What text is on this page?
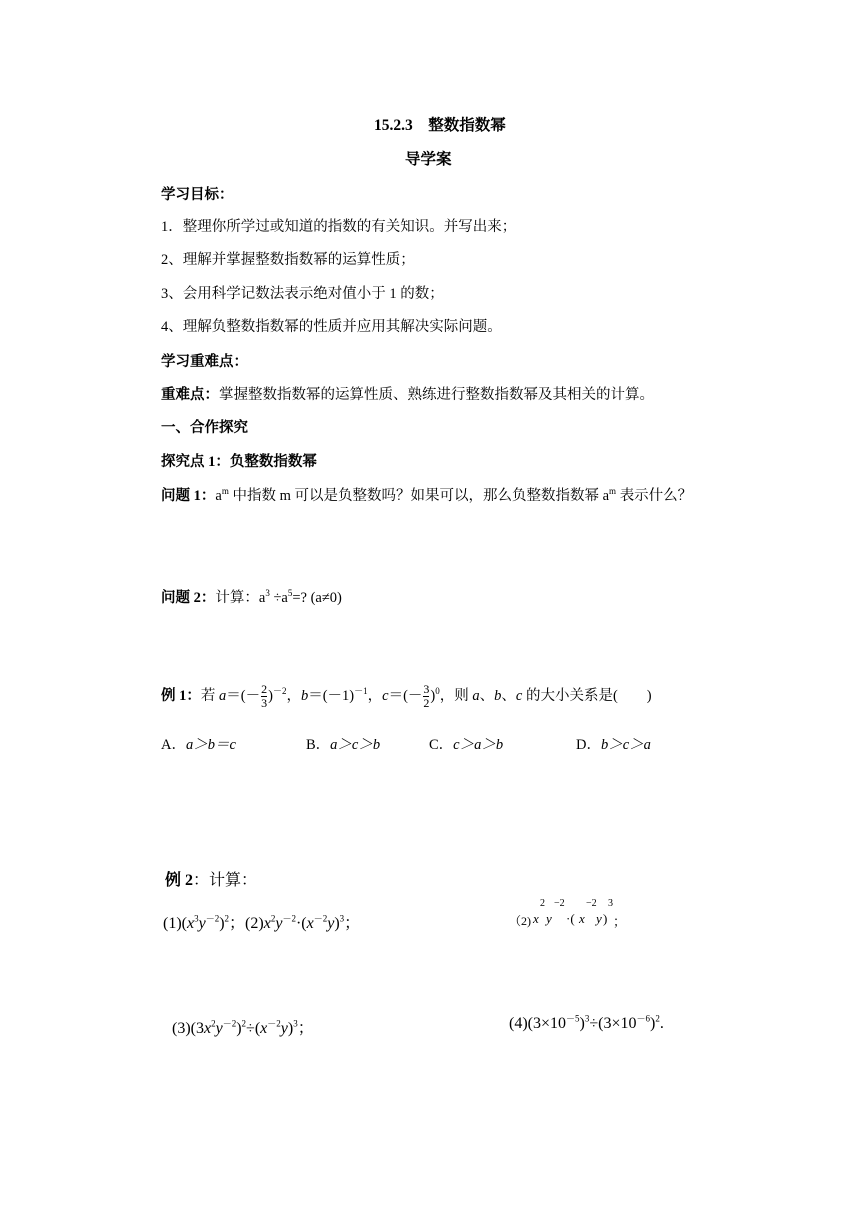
15.2.3　整数指数幂
导学案
学习目标：
1．整理你所学过或知道的指数的有关知识。并写出来；
2、理解并掌握整数指数幂的运算性质；
3、会用科学记数法表示绝对值小于 1 的数；
4、理解负整数指数幂的性质并应用其解决实际问题。
学习重难点：
重难点：掌握整数指数幂的运算性质、熟练进行整数指数幂及其相关的计算。
一、合作探究
探究点 1：负整数指数幂
问题 1：$a^m$ 中指数 m 可以是负整数吗？如果可以，那么负整数指数幂 $a^m$ 表示什么？
问题 2：计算：$a^3 \div a^5=$? (a≠0)
例 1：若 $a=(- \frac{2}{3} )^{-2}$，$b=(-1)^{-1}$，$c=(- \frac{3}{2} )^0$，则 a、b、c 的大小关系是(　　)
A．a＞b＝c	B．a＞c＞b	C．c＞a＞b	D．b＞c＞a
例 2：计算：
$(1)(x^3y^{-2})^2$；$(2)x^2y^{-2}\cdot(x^{-2}y)^3$；	（2) x
2
y
−2
·( x
−2
y )
3
；
$(3)(3x^2y^{-2})^2\div(x^{-2}y)^3$；	$(4)(3\times 10^{-5})^3\div(3\times 10^{-6})^2$.
